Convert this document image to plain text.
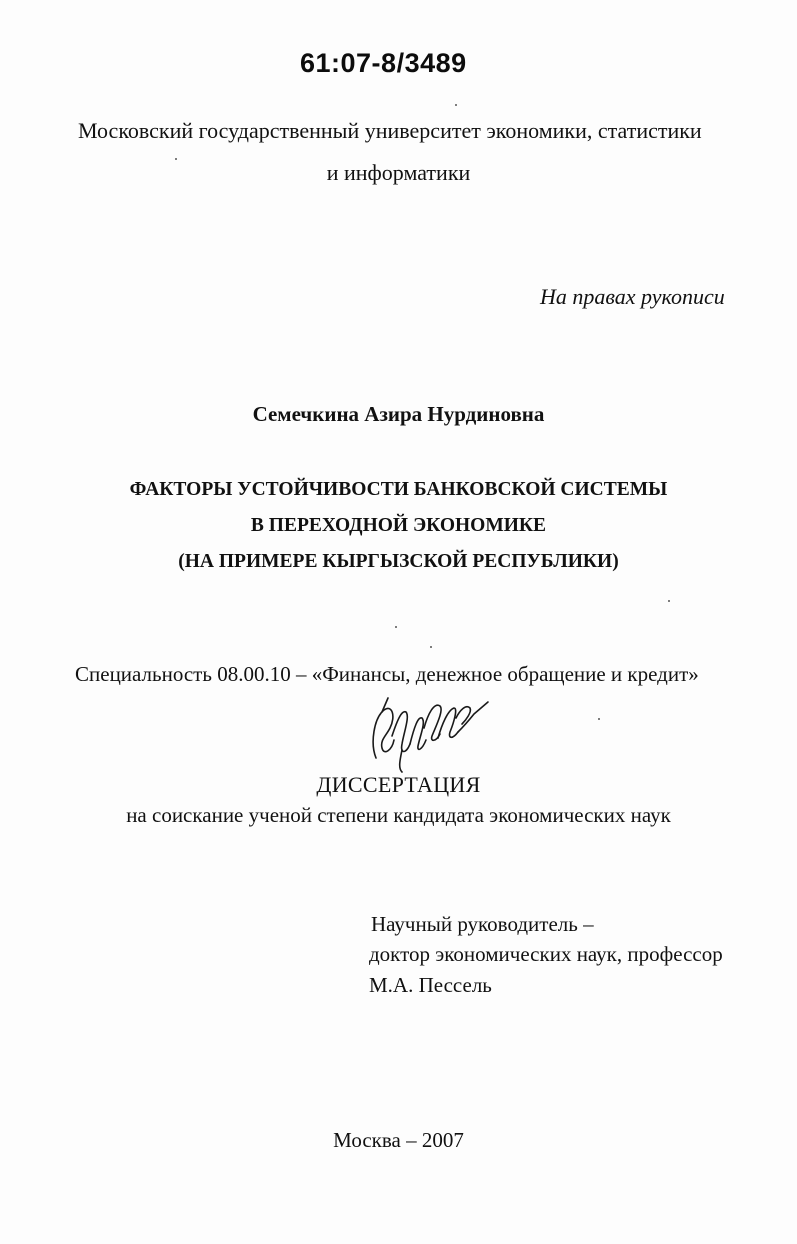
61:07-8/3489
Московский государственный университет экономики, статистики
и информатики
На правах рукописи
Семечкина Азира Нурдиновна
ФАКТОРЫ УСТОЙЧИВОСТИ БАНКОВСКОЙ СИСТЕМЫ
В ПЕРЕХОДНОЙ ЭКОНОМИКЕ
(НА ПРИМЕРЕ КЫРГЫЗСКОЙ РЕСПУБЛИКИ)
Специальность 08.00.10 – «Финансы, денежное обращение и кредит»
ДИССЕРТАЦИЯ
на соискание ученой степени кандидата экономических наук
Научный руководитель –
доктор экономических наук, профессор
М.А. Пессель
Москва – 2007
